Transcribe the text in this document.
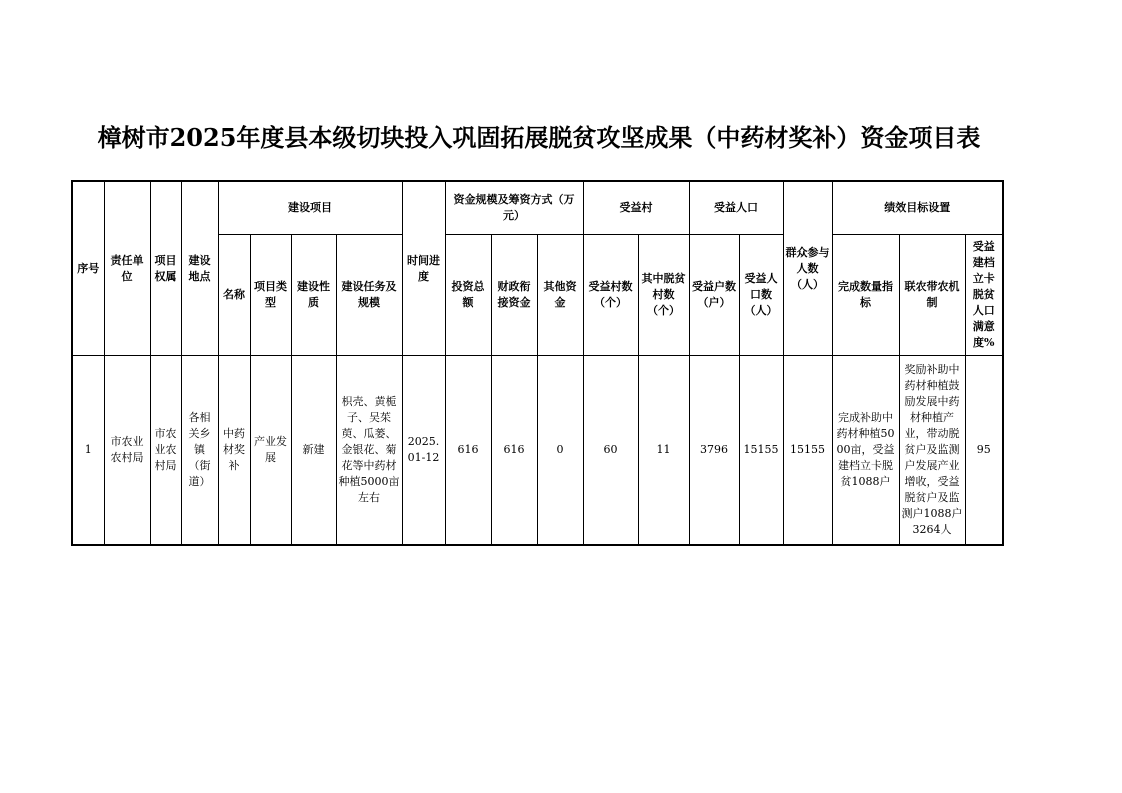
樟树市2025年度县本级切块投入巩固拓展脱贫攻坚成果（中药材奖补）资金项目表
序号	责任单位	项目权属	建设地点	建设项目				时间进度	资金规模及筹资方式（万元）			受益村		受益人口		群众参与人数（人）	绩效目标设置		
				名称	项目类型	建设性质	建设任务及规模		投资总额	财政衔接资金	其他资金	受益村数（个）	其中脱贫村数（个）	受益户数（户）	受益人口数（人）		完成数量指标	联农带农机制	受益建档立卡脱贫人口满意度%
1	市农业农村局	市农业农村局	各相关乡镇（街道）	中药材奖补	产业发展	新建	枳壳、黄栀子、吴茱萸、瓜蒌、金银花、菊花等中药材种植5000亩左右	2025.01-12	616	616	0	60	11	3796	15155	15155	完成补助中药材种植5000亩，受益建档立卡脱贫1088户	奖励补助中药材种植鼓励发展中药材种植产业，带动脱贫户及监测户发展产业增收，受益脱贫户及监测户1088户3264人	95
